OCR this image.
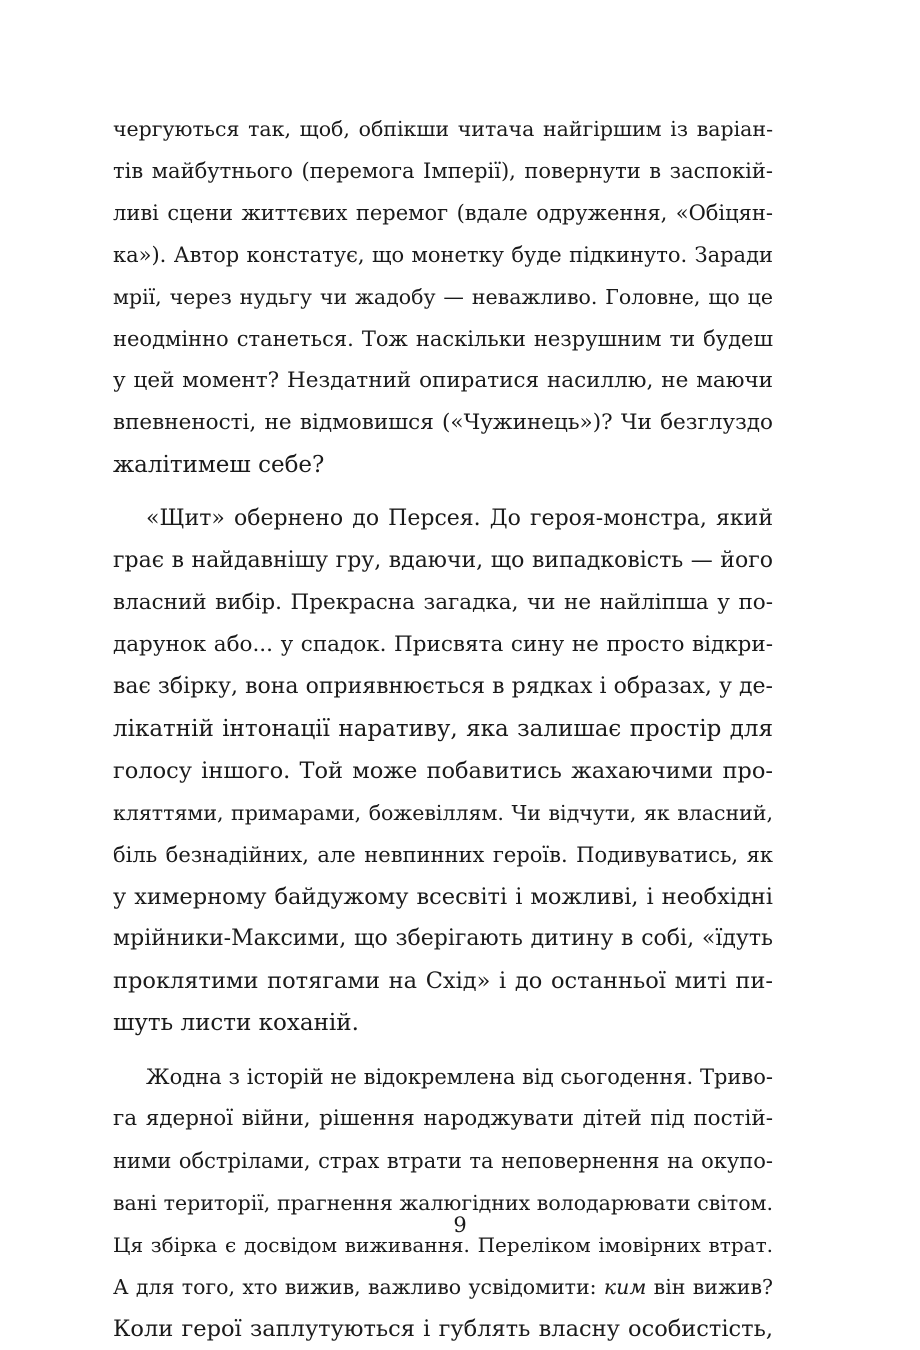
чергуються так, щоб, обпікши читача найгіршим із варіан-
тів майбутнього (перемога Імперії), повернути в заспокій-
ливі сцени життєвих перемог (вдале одруження, «Обіцян-
ка»). Автор констатує, що монетку буде підкинуто. Заради
мрії, через нудьгу чи жадобу — неважливо. Головне, що це
неодмінно станеться. Тож наскільки незрушним ти будеш
у цей момент? Нездатний опиратися насиллю, не маючи
впевненості, не відмовишся («Чужинець»)? Чи безглуздо
жалітимеш себе?
«Щит» обернено до Персея. До героя-монстра, який
грає в найдавнішу гру, вдаючи, що випадковість — його
власний вибір. Прекрасна загадка, чи не найліпша у по-
дарунок або... у спадок. Присвята сину не просто відкри-
ває збірку, вона оприявнюється в рядках і образах, у де-
лікатній інтонації наративу, яка залишає простір для
голосу іншого. Той може побавитись жахаючими про-
кляттями, примарами, божевіллям. Чи відчути, як власний,
біль безнадійних, але невпинних героїв. Подивуватись, як
у химерному байдужому всесвіті і можливі, і необхідні
мрійники-Максими, що зберігають дитину в собі, «їдуть
проклятими потягами на Схід» і до останньої миті пи-
шуть листи коханій.
Жодна з історій не відокремлена від сьогодення. Триво-
га ядерної війни, рішення народжувати дітей під постій-
ними обстрілами, страх втрати та неповернення на окупо-
вані території, прагнення жалюгідних володарювати світом.
Ця збірка є досвідом виживання. Переліком імовірних втрат.
А для того, хто вижив, важливо усвідомити: ким він вижив?
Коли герої заплутуються і гублять власну особистість,
9
